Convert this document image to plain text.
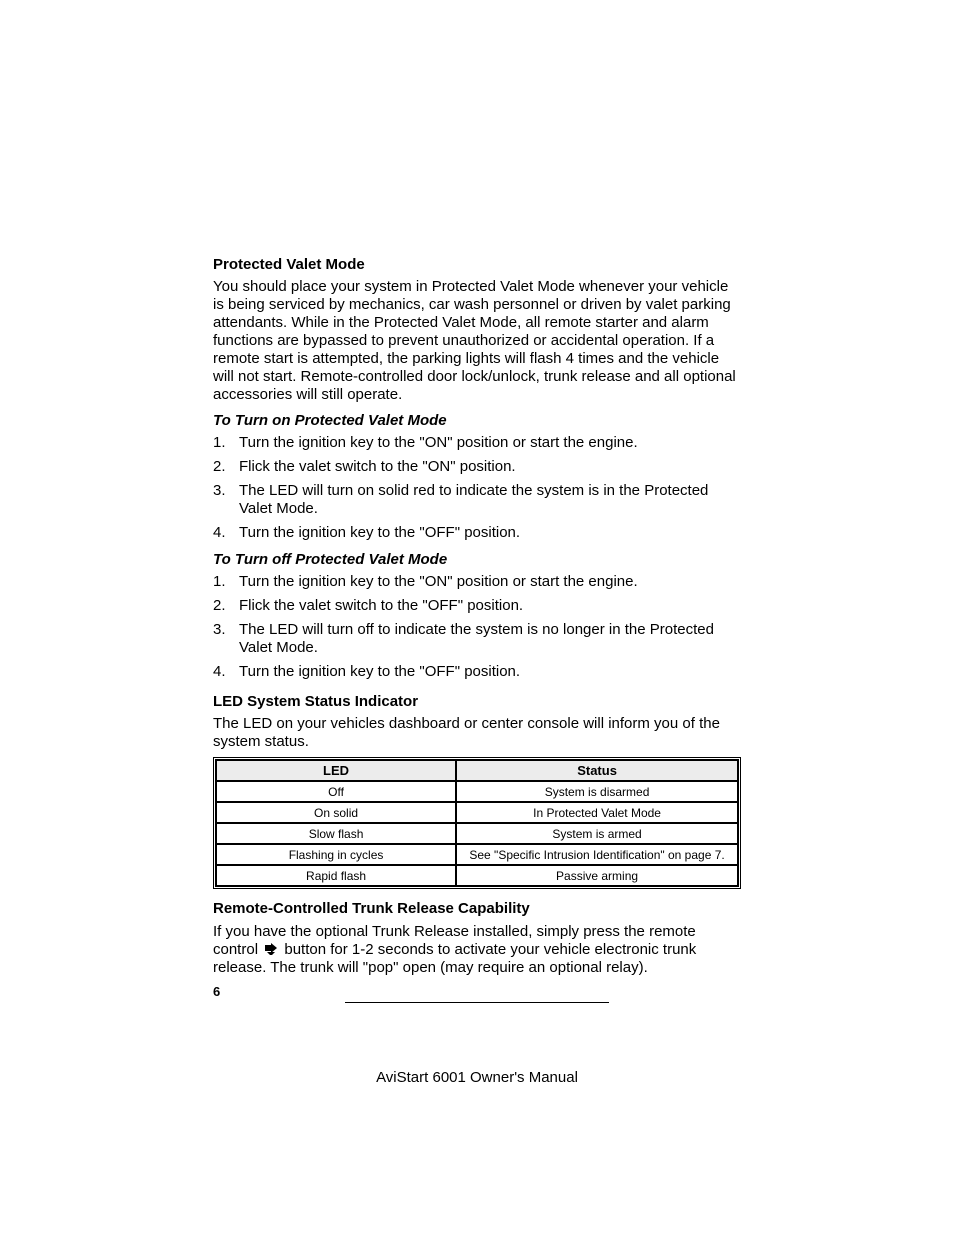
Protected Valet Mode
You should place your system in Protected Valet Mode whenever your vehicle is being serviced by mechanics, car wash personnel or driven by valet parking attendants. While in the Protected Valet Mode, all remote starter and alarm functions are bypassed to prevent unauthorized or accidental operation. If a remote start is attempted, the parking lights will flash 4 times and the vehicle will not start. Remote-controlled door lock/unlock, trunk release and all optional accessories will still operate.
To Turn on Protected Valet Mode
1. Turn the ignition key to the "ON" position or start the engine.
2. Flick the valet switch to the "ON" position.
3. The LED will turn on solid red to indicate the system is in the Protected Valet Mode.
4. Turn the ignition key to the "OFF" position.
To Turn off Protected Valet Mode
1. Turn the ignition key to the "ON" position or start the engine.
2. Flick the valet switch to the "OFF" position.
3. The LED will turn off to indicate the system is no longer in the Protected Valet Mode.
4. Turn the ignition key to the "OFF" position.
LED System Status Indicator
The LED on your vehicles dashboard or center console will inform you of the system status.
LED	Status
Off	System is disarmed
On solid	In Protected Valet Mode
Slow flash	System is armed
Flashing in cycles	See "Specific Intrusion Identification" on page 7.
Rapid flash	Passive arming
Remote-Controlled Trunk Release Capability
If you have the optional Trunk Release installed, simply press the remote control button for 1-2 seconds to activate your vehicle electronic trunk release. The trunk will "pop" open (may require an optional relay).
6
AviStart 6001 Owner's Manual
